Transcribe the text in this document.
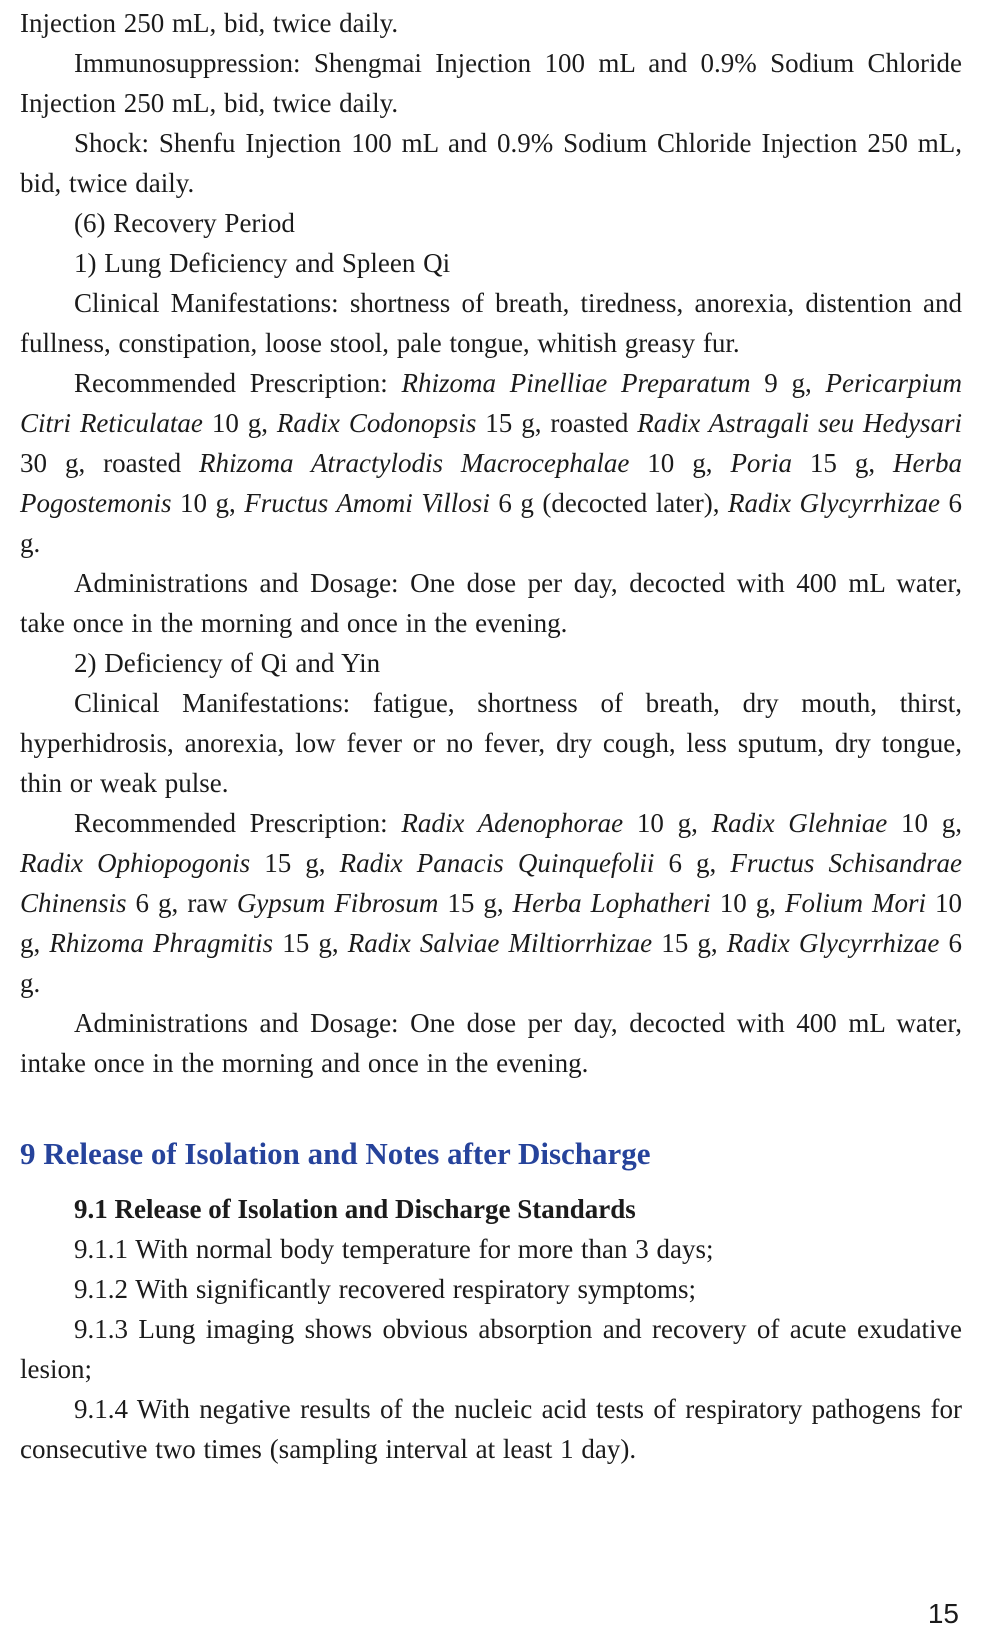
Injection 250 mL, bid, twice daily.

Immunosuppression: Shengmai Injection 100 mL and 0.9% Sodium Chloride Injection 250 mL, bid, twice daily.

Shock: Shenfu Injection 100 mL and 0.9% Sodium Chloride Injection 250 mL, bid, twice daily.

(6) Recovery Period

1) Lung Deficiency and Spleen Qi

Clinical Manifestations: shortness of breath, tiredness, anorexia, distention and fullness, constipation, loose stool, pale tongue, whitish greasy fur.

Recommended Prescription: Rhizoma Pinelliae Preparatum 9 g, Pericarpium Citri Reticulatae 10 g, Radix Codonopsis 15 g, roasted Radix Astragali seu Hedysari 30 g, roasted Rhizoma Atractylodis Macrocephalae 10 g, Poria 15 g, Herba Pogostemonis 10 g, Fructus Amomi Villosi 6 g (decocted later), Radix Glycyrrhizae 6 g.

Administrations and Dosage: One dose per day, decocted with 400 mL water, take once in the morning and once in the evening.

2) Deficiency of Qi and Yin

Clinical Manifestations: fatigue, shortness of breath, dry mouth, thirst, hyperhidrosis, anorexia, low fever or no fever, dry cough, less sputum, dry tongue, thin or weak pulse.

Recommended Prescription: Radix Adenophorae 10 g, Radix Glehniae 10 g, Radix Ophiopogonis 15 g, Radix Panacis Quinquefolii 6 g, Fructus Schisandrae Chinensis 6 g, raw Gypsum Fibrosum 15 g, Herba Lophatheri 10 g, Folium Mori 10 g, Rhizoma Phragmitis 15 g, Radix Salviae Miltiorrhizae 15 g, Radix Glycyrrhizae 6 g.

Administrations and Dosage: One dose per day, decocted with 400 mL water, intake once in the morning and once in the evening.

9 Release of Isolation and Notes after Discharge
9.1 Release of Isolation and Discharge Standards

9.1.1 With normal body temperature for more than 3 days;

9.1.2 With significantly recovered respiratory symptoms;

9.1.3 Lung imaging shows obvious absorption and recovery of acute exudative lesion;

9.1.4 With negative results of the nucleic acid tests of respiratory pathogens for consecutive two times (sampling interval at least 1 day).

15
